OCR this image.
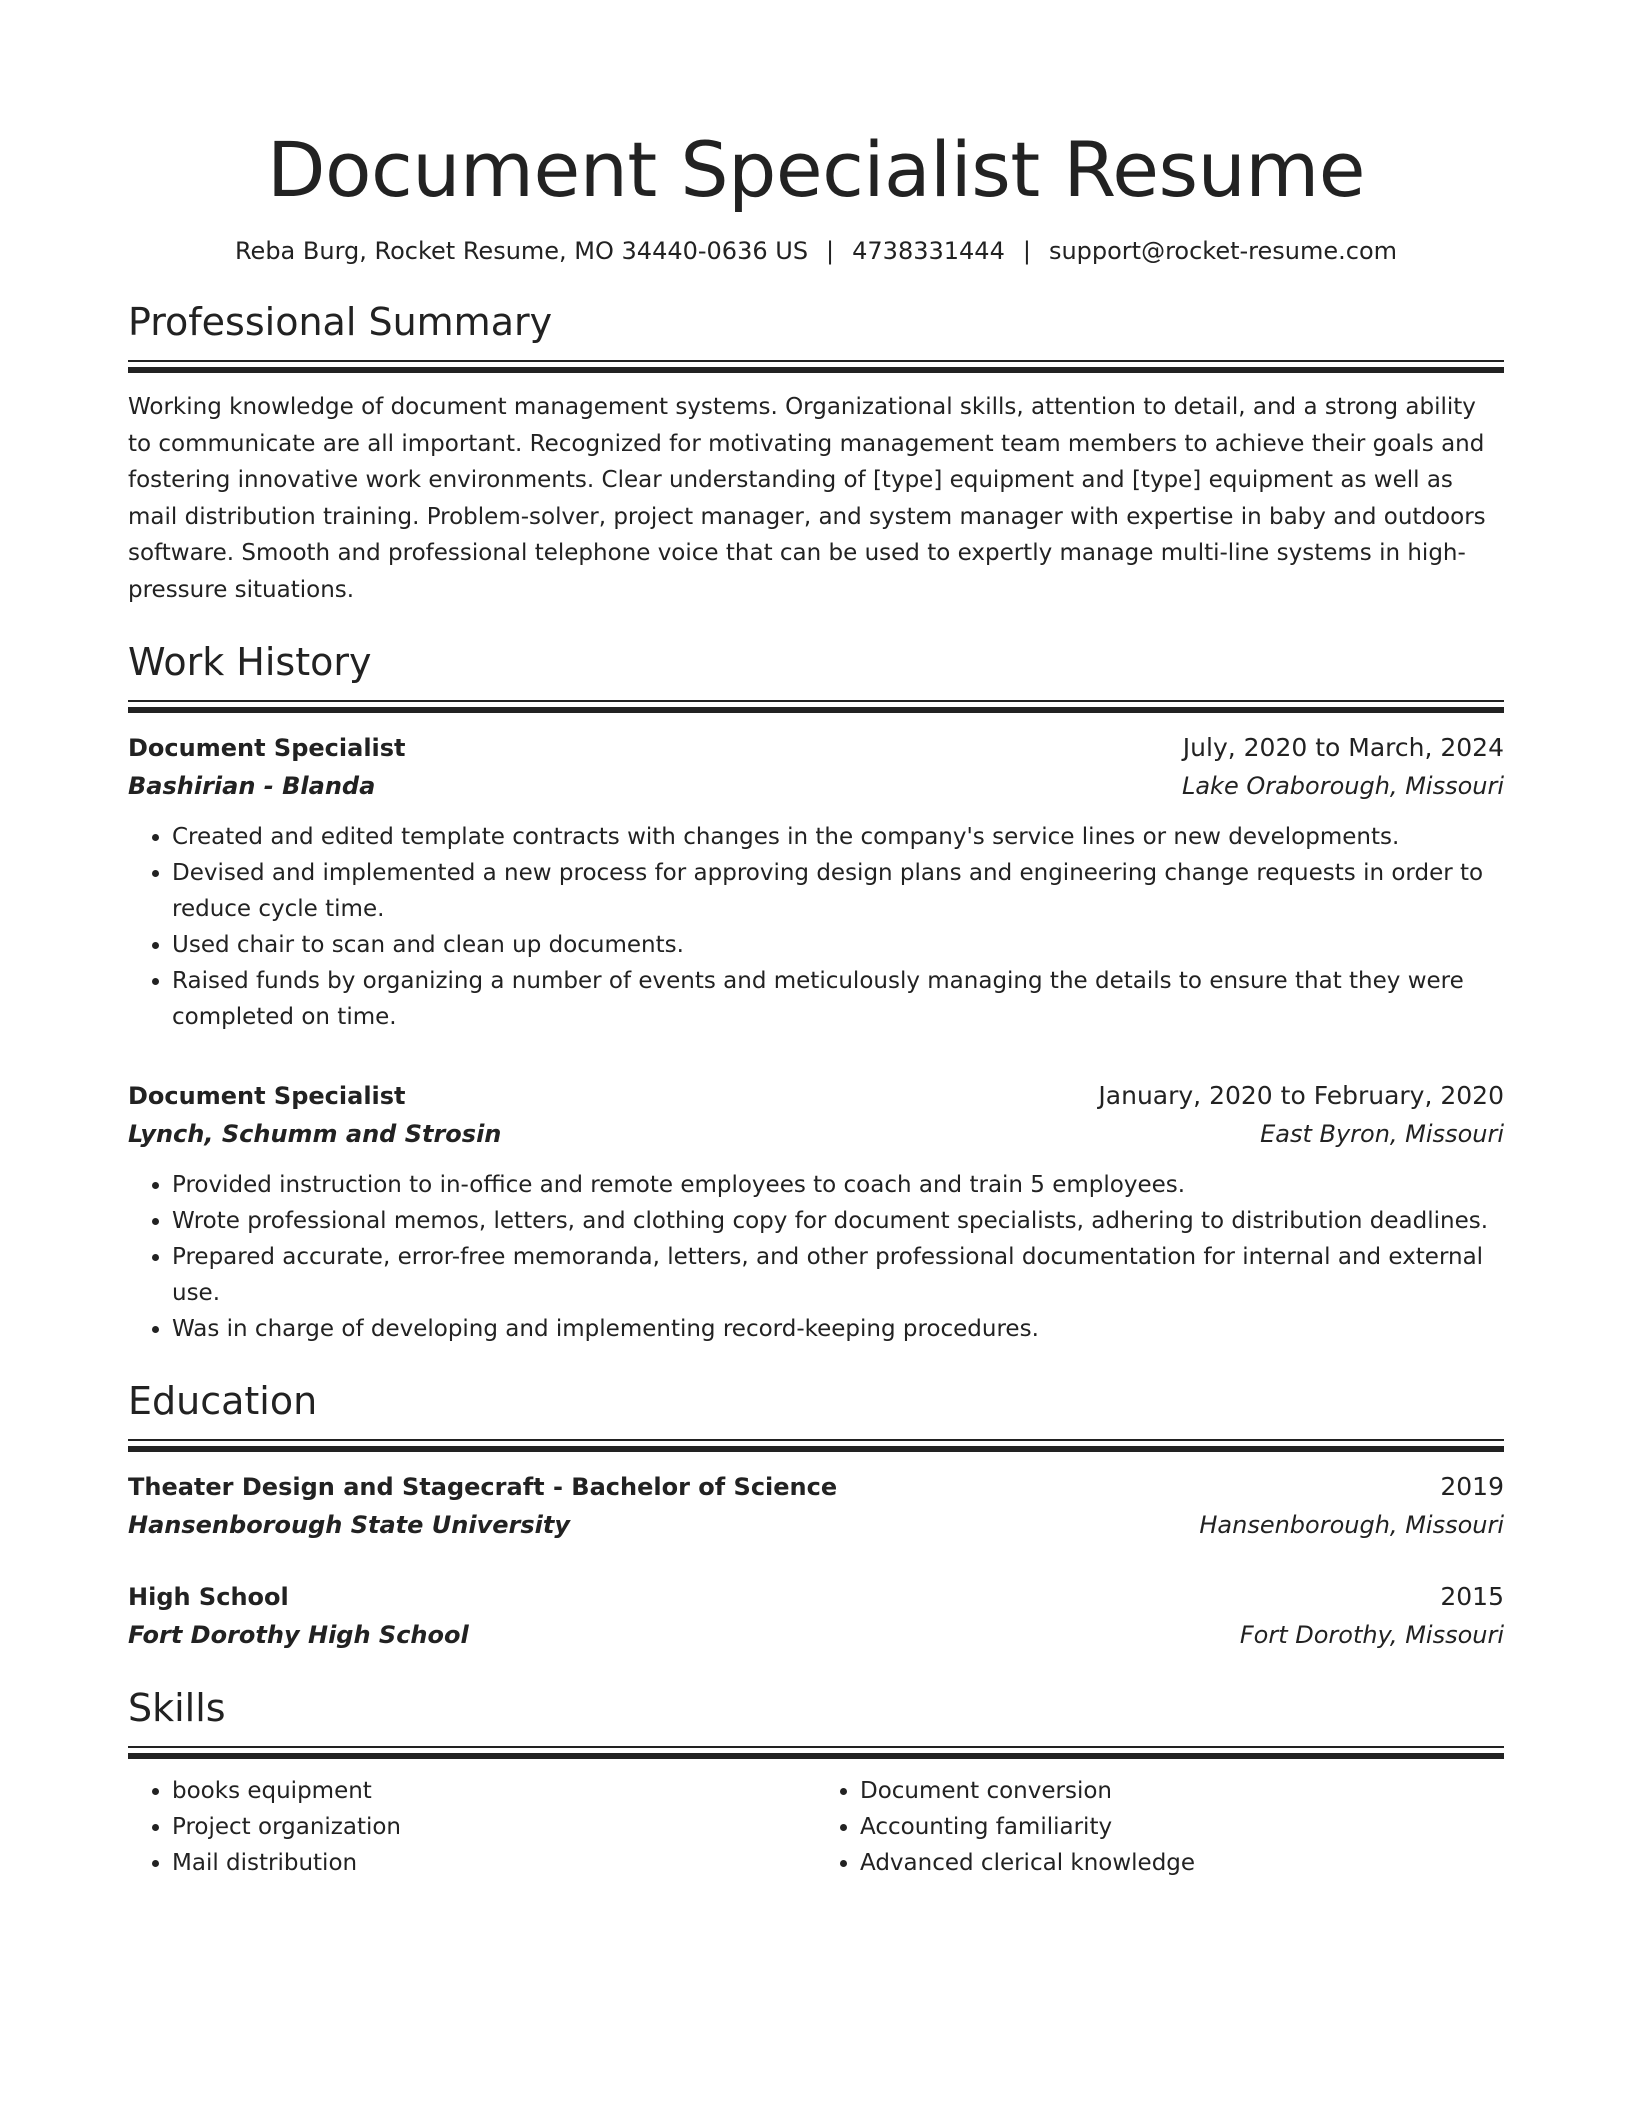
Document Specialist Resume
Reba Burg, Rocket Resume, MO 34440-0636 US | 4738331444 | support@rocket-resume.com
Professional Summary
Working knowledge of document management systems. Organizational skills, attention to detail, and a strong ability to communicate are all important. Recognized for motivating management team members to achieve their goals and fostering innovative work environments. Clear understanding of [type] equipment and [type] equipment as well as mail distribution training. Problem-solver, project manager, and system manager with expertise in baby and outdoors software. Smooth and professional telephone voice that can be used to expertly manage multi-line systems in high-pressure situations.
Work History
Document Specialist	July, 2020 to March, 2024
Bashirian - Blanda	Lake Oraborough, Missouri
• Created and edited template contracts with changes in the company's service lines or new developments.
• Devised and implemented a new process for approving design plans and engineering change requests in order to reduce cycle time.
• Used chair to scan and clean up documents.
• Raised funds by organizing a number of events and meticulously managing the details to ensure that they were completed on time.
Document Specialist	January, 2020 to February, 2020
Lynch, Schumm and Strosin	East Byron, Missouri
• Provided instruction to in-office and remote employees to coach and train 5 employees.
• Wrote professional memos, letters, and clothing copy for document specialists, adhering to distribution deadlines.
• Prepared accurate, error-free memoranda, letters, and other professional documentation for internal and external use.
• Was in charge of developing and implementing record-keeping procedures.
Education
Theater Design and Stagecraft - Bachelor of Science	2019
Hansenborough State University	Hansenborough, Missouri
High School	2015
Fort Dorothy High School	Fort Dorothy, Missouri
Skills
• books equipment
• Project organization
• Mail distribution
• Document conversion
• Accounting familiarity
• Advanced clerical knowledge
